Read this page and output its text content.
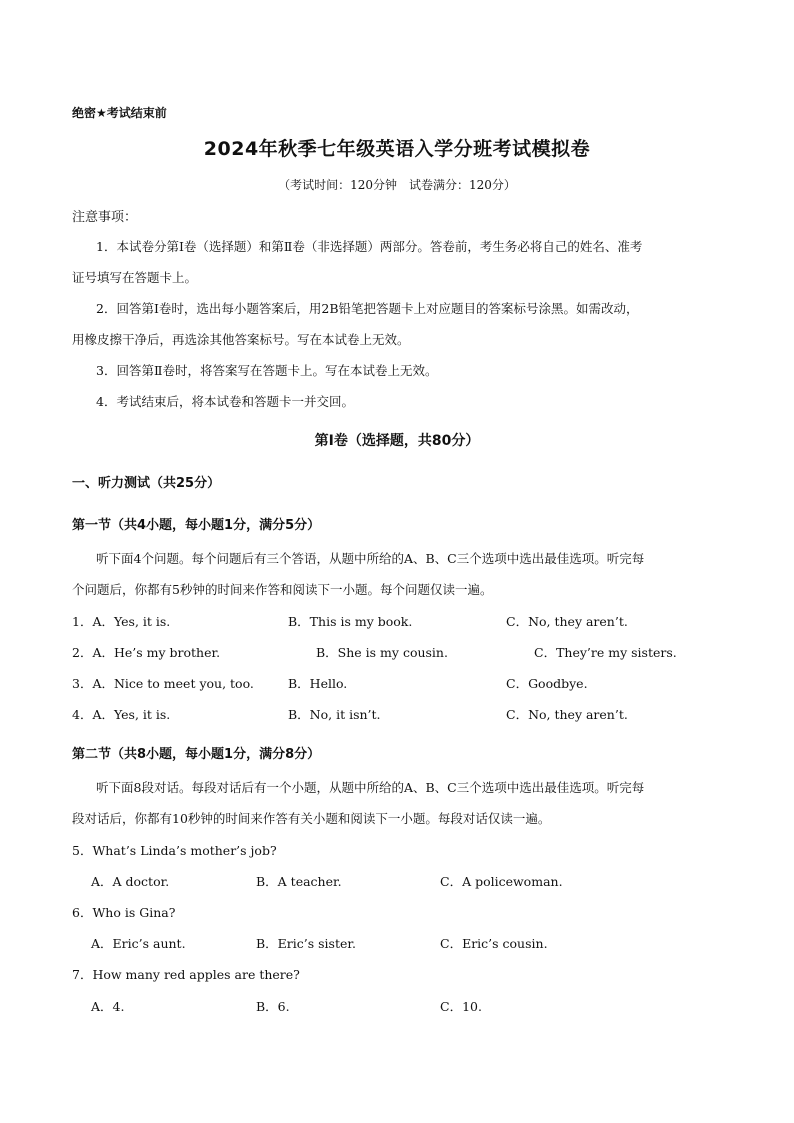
绝密★考试结束前
2024年秋季七年级英语入学分班考试模拟卷
（考试时间：120分钟　试卷满分：120分）
注意事项：
1．本试卷分第Ⅰ卷（选择题）和第Ⅱ卷（非选择题）两部分。答卷前，考生务必将自己的姓名、准考
证号填写在答题卡上。
2．回答第Ⅰ卷时，选出每小题答案后，用2B铅笔把答题卡上对应题目的答案标号涂黑。如需改动，
用橡皮擦干净后，再选涂其他答案标号。写在本试卷上无效。
3．回答第Ⅱ卷时，将答案写在答题卡上。写在本试卷上无效。
4．考试结束后，将本试卷和答题卡一并交回。
第Ⅰ卷（选择题，共80分）
一、听力测试（共25分）
第一节（共4小题，每小题1分，满分5分）
听下面4个问题。每个问题后有三个答语，从题中所给的A、B、C三个选项中选出最佳选项。听完每
个问题后，你都有5秒钟的时间来作答和阅读下一小题。每个问题仅读一遍。
1．A．Yes, it is.	B．This is my book.	C．No, they aren’t.
2．A．He’s my brother.	B．She is my cousin.	C．They’re my sisters.
3．A．Nice to meet you, too.	B．Hello.	C．Goodbye.
4．A．Yes, it is.	B．No, it isn’t.	C．No, they aren’t.
第二节（共8小题，每小题1分，满分8分）
听下面8段对话。每段对话后有一个小题，从题中所给的A、B、C三个选项中选出最佳选项。听完每
段对话后，你都有10秒钟的时间来作答有关小题和阅读下一小题。每段对话仅读一遍。
5．What’s Linda’s mother’s job?
A．A doctor.	B．A teacher.	C．A policewoman.
6．Who is Gina?
A．Eric’s aunt.	B．Eric’s sister.	C．Eric’s cousin.
7．How many red apples are there?
A．4.	B．6.	C．10.
